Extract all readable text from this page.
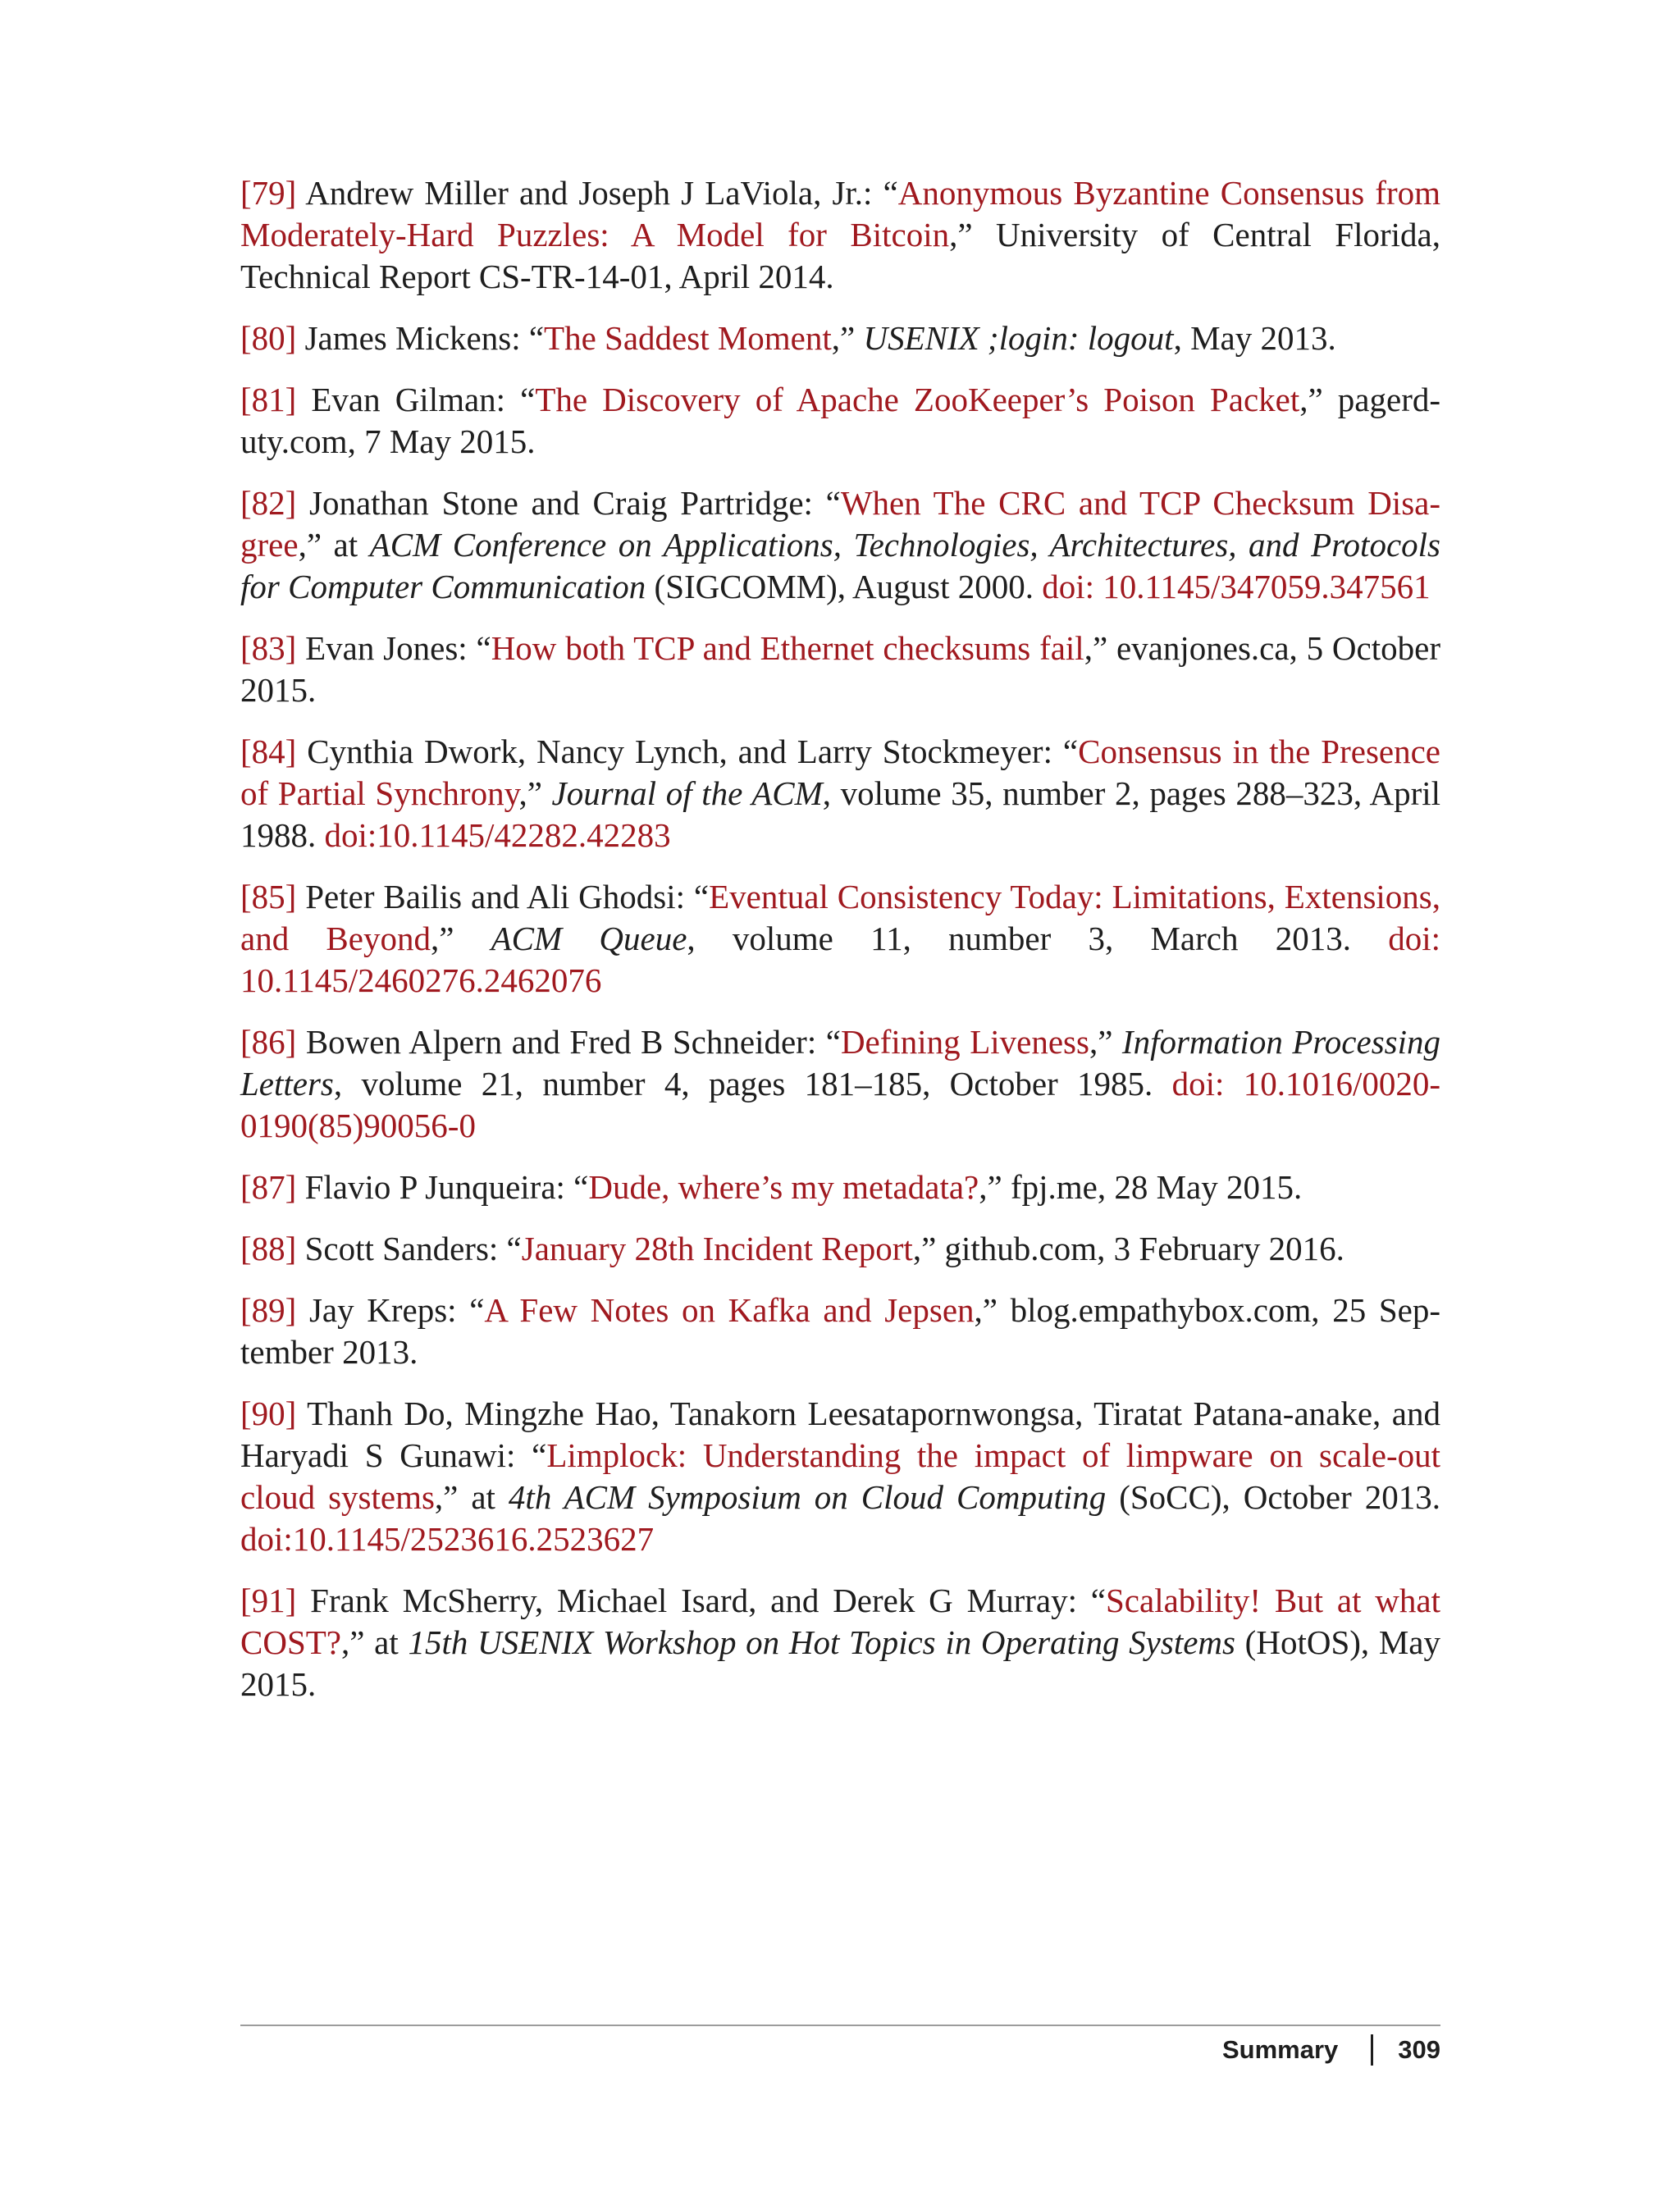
[79] Andrew Miller and Joseph J LaViola, Jr.: “Anonymous Byzantine Consensus from Moderately-Hard Puzzles: A Model for Bitcoin,” University of Central Florida, Technical Report CS-TR-14-01, April 2014.

[80] James Mickens: “The Saddest Moment,” USENIX ;login: logout, May 2013.

[81] Evan Gilman: “The Discovery of Apache ZooKeeper’s Poison Packet,” pagerduty.com, 7 May 2015.

[82] Jonathan Stone and Craig Partridge: “When The CRC and TCP Checksum Disagree,” at ACM Conference on Applications, Technologies, Architectures, and Protocols for Computer Communication (SIGCOMM), August 2000. doi: 10.1145/347059.347561

[83] Evan Jones: “How both TCP and Ethernet checksums fail,” evanjones.ca, 5 October 2015.

[84] Cynthia Dwork, Nancy Lynch, and Larry Stockmeyer: “Consensus in the Presence of Partial Synchrony,” Journal of the ACM, volume 35, number 2, pages 288–323, April 1988. doi:10.1145/42282.42283

[85] Peter Bailis and Ali Ghodsi: “Eventual Consistency Today: Limitations, Extensions, and Beyond,” ACM Queue, volume 11, number 3, March 2013. doi: 10.1145/2460276.2462076

[86] Bowen Alpern and Fred B Schneider: “Defining Liveness,” Information Processing Letters, volume 21, number 4, pages 181–185, October 1985. doi: 10.1016/0020-0190(85)90056-0

[87] Flavio P Junqueira: “Dude, where’s my metadata?,” fpj.me, 28 May 2015.

[88] Scott Sanders: “January 28th Incident Report,” github.com, 3 February 2016.

[89] Jay Kreps: “A Few Notes on Kafka and Jepsen,” blog.empathybox.com, 25 September 2013.

[90] Thanh Do, Mingzhe Hao, Tanakorn Leesatapornwongsa, Tiratat Patana-anake, and Haryadi S Gunawi: “Limplock: Understanding the impact of limpware on scale-out cloud systems,” at 4th ACM Symposium on Cloud Computing (SoCC), October 2013. doi:10.1145/2523616.2523627

[91] Frank McSherry, Michael Isard, and Derek G Murray: “Scalability! But at what COST?,” at 15th USENIX Workshop on Hot Topics in Operating Systems (HotOS), May 2015.

Summary 309
